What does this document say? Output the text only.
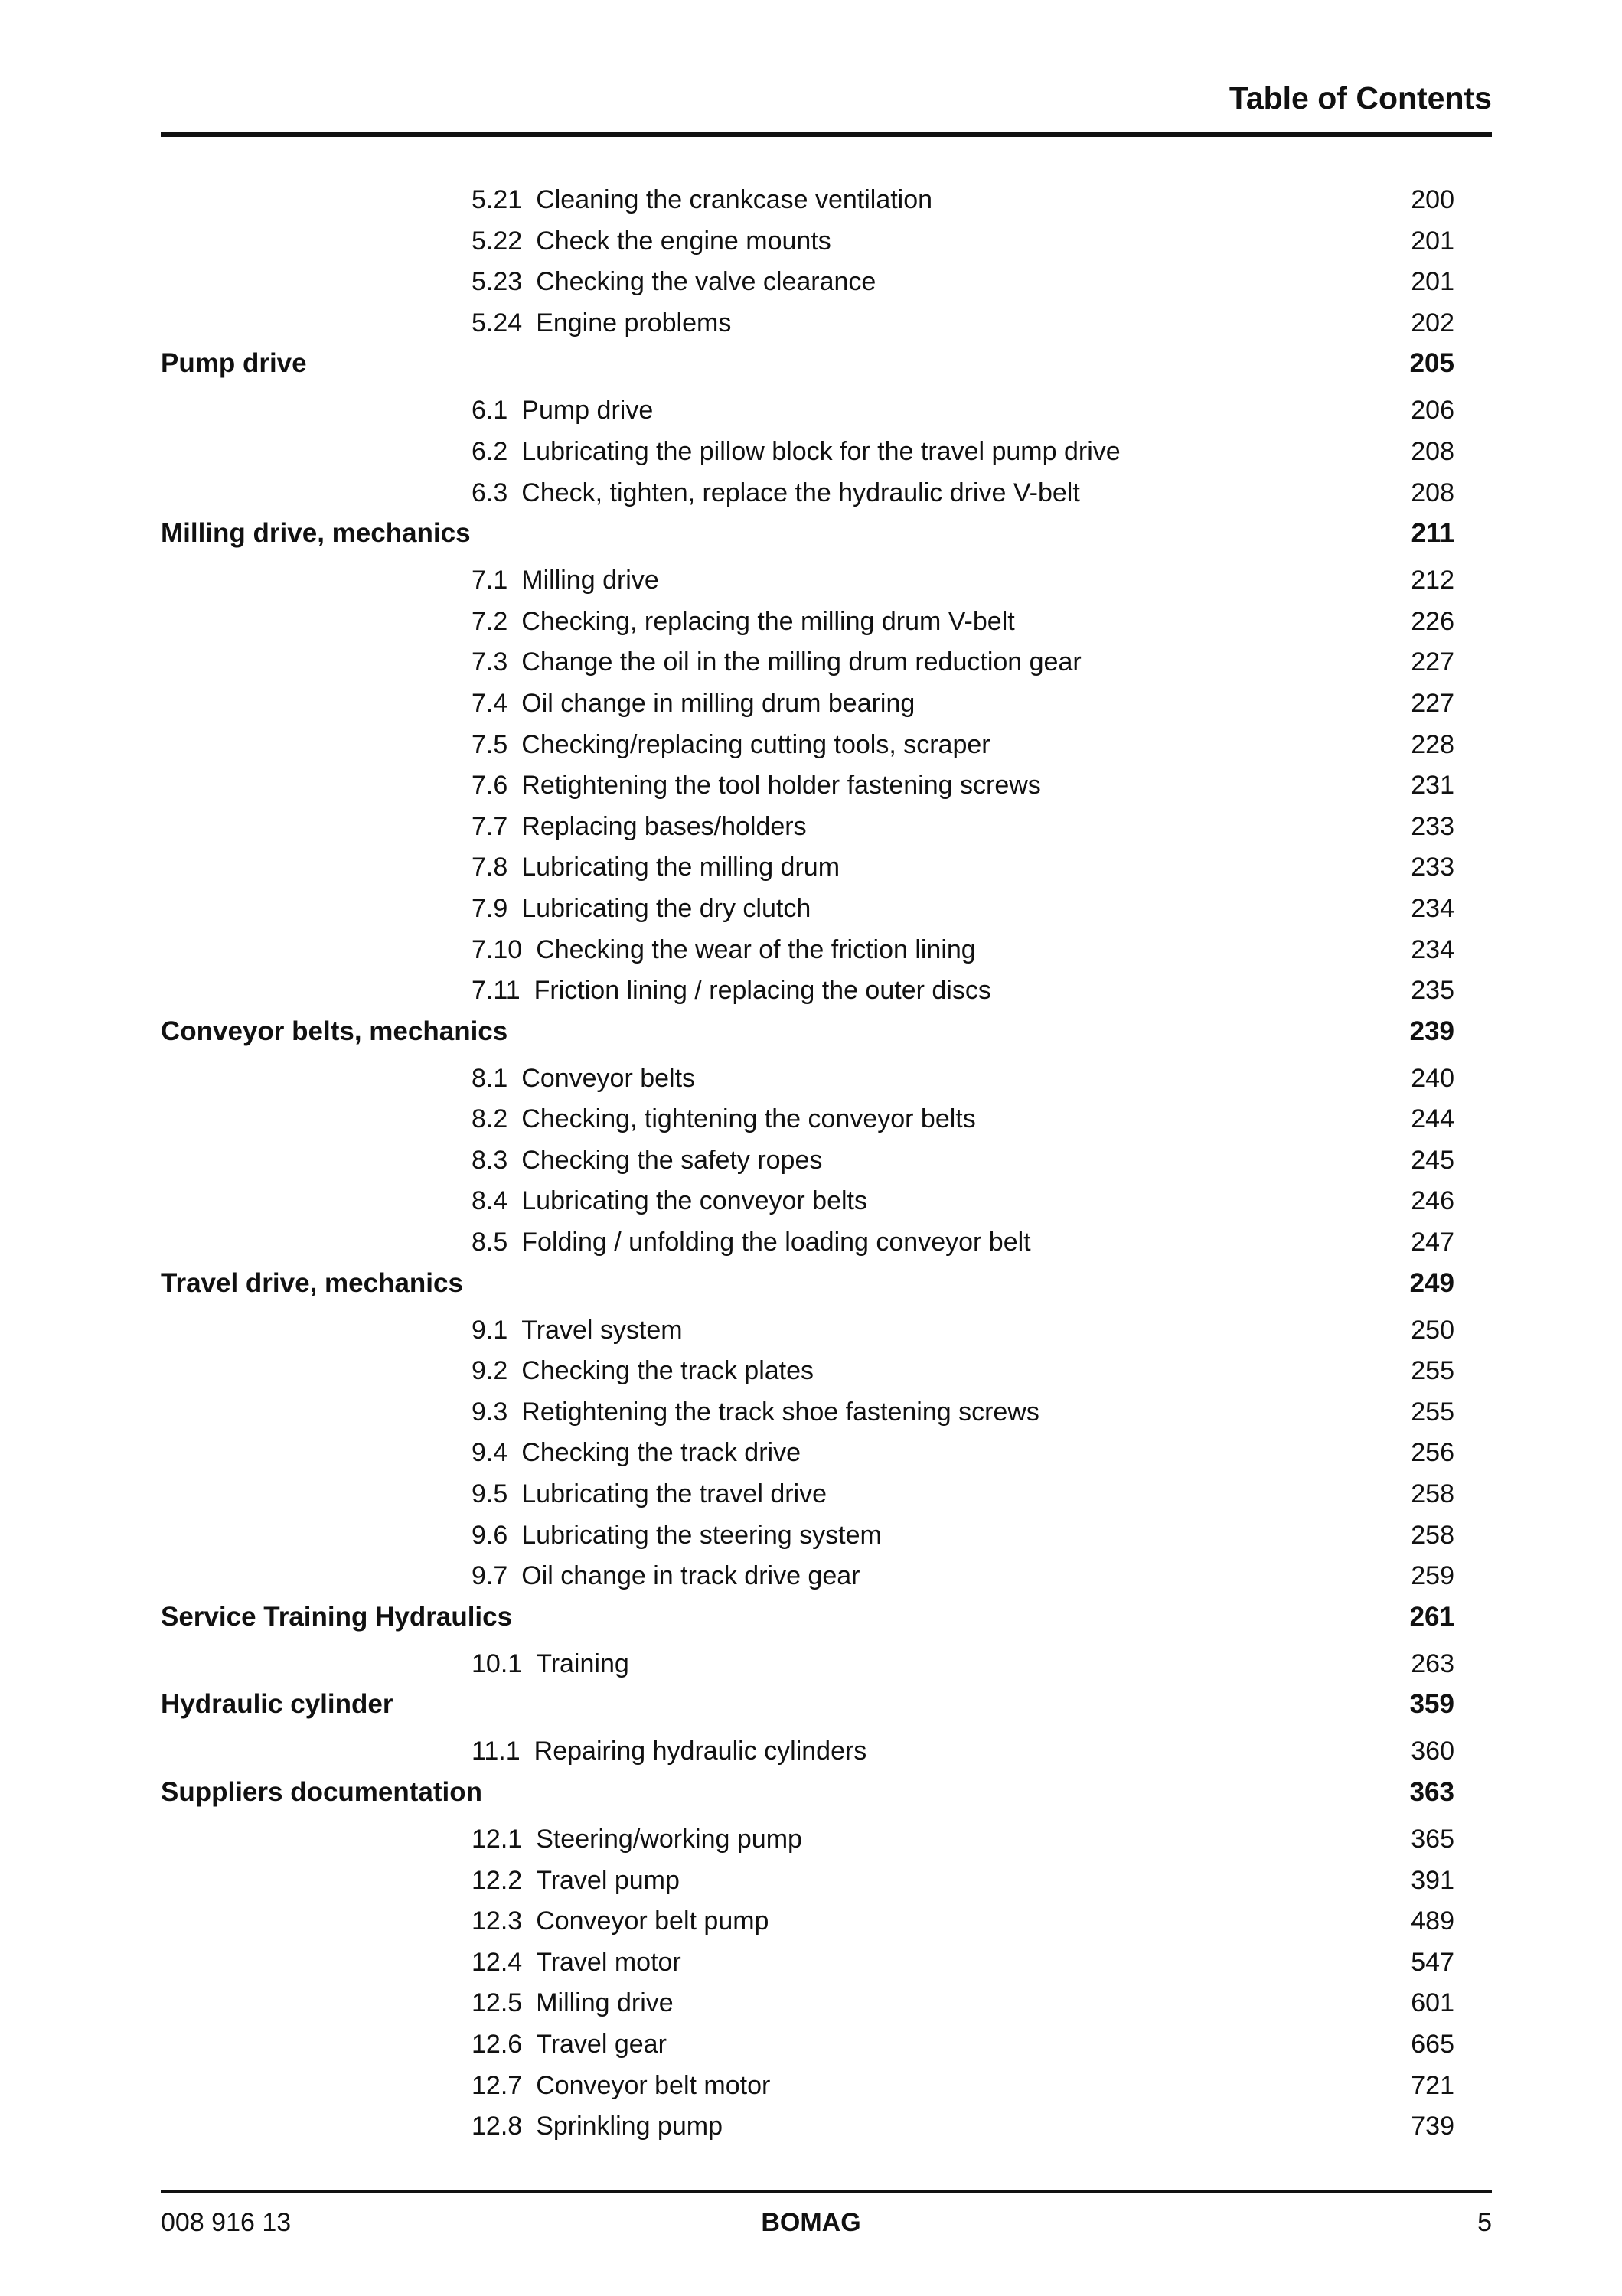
Table of Contents
5.21 Cleaning the crankcase ventilation	200
5.22 Check the engine mounts	201
5.23 Checking the valve clearance	201
5.24 Engine problems	202
Pump drive	205
6.1 Pump drive	206
6.2 Lubricating the pillow block for the travel pump drive	208
6.3 Check, tighten, replace the hydraulic drive V-belt	208
Milling drive, mechanics	211
7.1 Milling drive	212
7.2 Checking, replacing the milling drum V-belt	226
7.3 Change the oil in the milling drum reduction gear	227
7.4 Oil change in milling drum bearing	227
7.5 Checking/replacing cutting tools, scraper	228
7.6 Retightening the tool holder fastening screws	231
7.7 Replacing bases/holders	233
7.8 Lubricating the milling drum	233
7.9 Lubricating the dry clutch	234
7.10 Checking the wear of the friction lining	234
7.11 Friction lining / replacing the outer discs	235
Conveyor belts, mechanics	239
8.1 Conveyor belts	240
8.2 Checking, tightening the conveyor belts	244
8.3 Checking the safety ropes	245
8.4 Lubricating the conveyor belts	246
8.5 Folding / unfolding the loading conveyor belt	247
Travel drive, mechanics	249
9.1 Travel system	250
9.2 Checking the track plates	255
9.3 Retightening the track shoe fastening screws	255
9.4 Checking the track drive	256
9.5 Lubricating the travel drive	258
9.6 Lubricating the steering system	258
9.7 Oil change in track drive gear	259
Service Training Hydraulics	261
10.1 Training	263
Hydraulic cylinder	359
11.1 Repairing hydraulic cylinders	360
Suppliers documentation	363
12.1 Steering/working pump	365
12.2 Travel pump	391
12.3 Conveyor belt pump	489
12.4 Travel motor	547
12.5 Milling drive	601
12.6 Travel gear	665
12.7 Conveyor belt motor	721
12.8 Sprinkling pump	739
008 916 13	BOMAG	5
